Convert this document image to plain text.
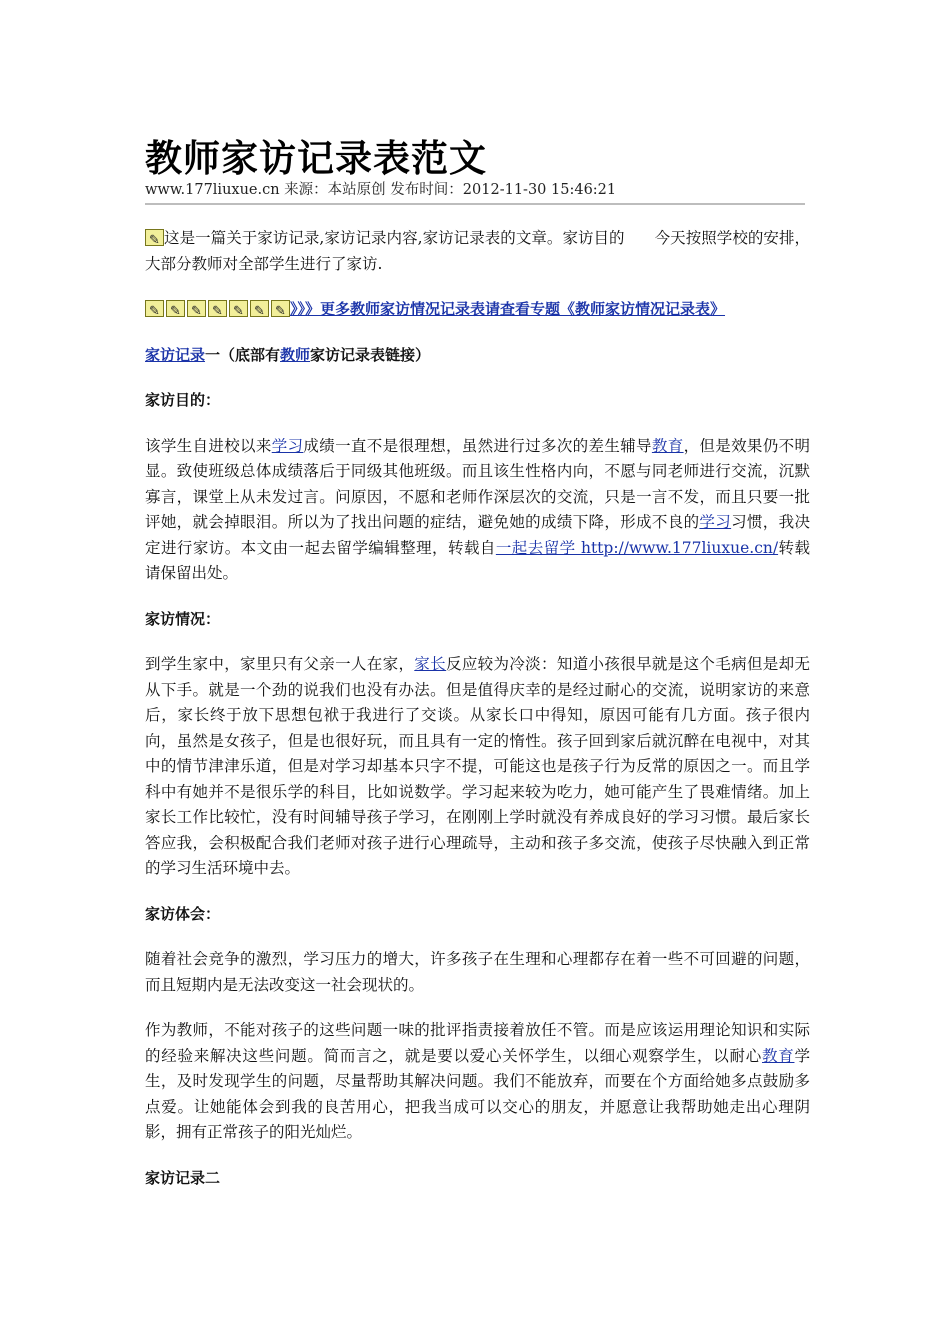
教师家访记录表范文
www.177liuxue.cn 来源：本站原创 发布时间：2012-11-30 15:46:21

✎这是一篇关于家访记录,家访记录内容,家访记录表的文章。家访目的 今天按照学校的安排，大部分教师对全部学生进行了家访.

✎✎✎✎✎✎✎》》》更多教师家访情况记录表请查看专题《教师家访情况记录表》

家访记录一（底部有教师家访记录表链接）

家访目的：

该学生自进校以来学习成绩一直不是很理想，虽然进行过多次的差生辅导教育，但是效果仍不明显。致使班级总体成绩落后于同级其他班级。而且该生性格内向，不愿与同老师进行交流，沉默寡言，课堂上从未发过言。问原因，不愿和老师作深层次的交流，只是一言不发，而且只要一批评她，就会掉眼泪。所以为了找出问题的症结，避免她的成绩下降，形成不良的学习习惯，我决定进行家访。本文由一起去留学编辑整理，转载自一起去留学 http://www.177liuxue.cn/转载请保留出处。

家访情况：

到学生家中，家里只有父亲一人在家，家长反应较为冷淡：知道小孩很早就是这个毛病但是却无从下手。就是一个劲的说我们也没有办法。但是值得庆幸的是经过耐心的交流，说明家访的来意后，家长终于放下思想包袱于我进行了交谈。从家长口中得知，原因可能有几方面。孩子很内向，虽然是女孩子，但是也很好玩，而且具有一定的惰性。孩子回到家后就沉醉在电视中，对其中的情节津津乐道，但是对学习却基本只字不提，可能这也是孩子行为反常的原因之一。而且学科中有她并不是很乐学的科目，比如说数学。学习起来较为吃力，她可能产生了畏难情绪。加上家长工作比较忙，没有时间辅导孩子学习，在刚刚上学时就没有养成良好的学习习惯。最后家长答应我，会积极配合我们老师对孩子进行心理疏导，主动和孩子多交流，使孩子尽快融入到正常的学习生活环境中去。

家访体会：

随着社会竞争的激烈，学习压力的增大，许多孩子在生理和心理都存在着一些不可回避的问题，而且短期内是无法改变这一社会现状的。

作为教师，不能对孩子的这些问题一味的批评指责接着放任不管。而是应该运用理论知识和实际的经验来解决这些问题。简而言之，就是要以爱心关怀学生，以细心观察学生，以耐心教育学生，及时发现学生的问题，尽量帮助其解决问题。我们不能放弃，而要在个方面给她多点鼓励多点爱。让她能体会到我的良苦用心，把我当成可以交心的朋友，并愿意让我帮助她走出心理阴影，拥有正常孩子的阳光灿烂。

家访记录二
